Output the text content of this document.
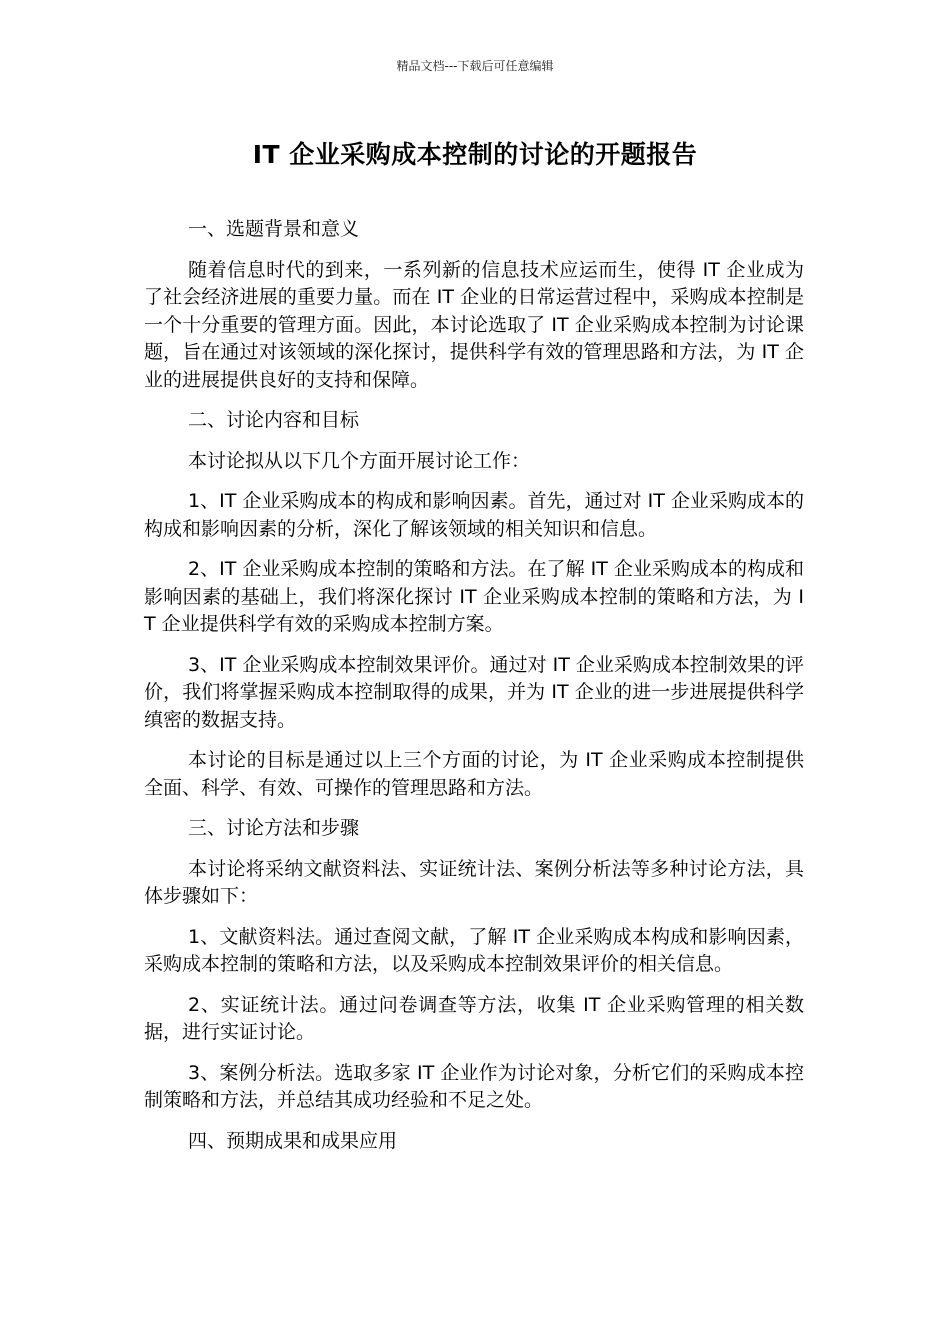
精品文档---下载后可任意编辑
IT 企业采购成本控制的讨论的开题报告

一、选题背景和意义

随着信息时代的到来，一系列新的信息技术应运而生，使得 IT 企业成为了社会经济进展的重要力量。而在 IT 企业的日常运营过程中，采购成本控制是一个十分重要的管理方面。因此，本讨论选取了 IT 企业采购成本控制为讨论课题，旨在通过对该领域的深化探讨，提供科学有效的管理思路和方法，为 IT 企业的进展提供良好的支持和保障。

二、讨论内容和目标

本讨论拟从以下几个方面开展讨论工作：

1、IT 企业采购成本的构成和影响因素。首先，通过对 IT 企业采购成本的构成和影响因素的分析，深化了解该领域的相关知识和信息。

2、IT 企业采购成本控制的策略和方法。在了解 IT 企业采购成本的构成和影响因素的基础上，我们将深化探讨 IT 企业采购成本控制的策略和方法，为 IT 企业提供科学有效的采购成本控制方案。

3、IT 企业采购成本控制效果评价。通过对 IT 企业采购成本控制效果的评价，我们将掌握采购成本控制取得的成果，并为 IT 企业的进一步进展提供科学缜密的数据支持。

本讨论的目标是通过以上三个方面的讨论，为 IT 企业采购成本控制提供全面、科学、有效、可操作的管理思路和方法。

三、讨论方法和步骤

本讨论将采纳文献资料法、实证统计法、案例分析法等多种讨论方法，具体步骤如下：

1、文献资料法。通过查阅文献，了解 IT 企业采购成本构成和影响因素，采购成本控制的策略和方法，以及采购成本控制效果评价的相关信息。

2、实证统计法。通过问卷调查等方法，收集 IT 企业采购管理的相关数据，进行实证讨论。

3、案例分析法。选取多家 IT 企业作为讨论对象，分析它们的采购成本控制策略和方法，并总结其成功经验和不足之处。

四、预期成果和成果应用
